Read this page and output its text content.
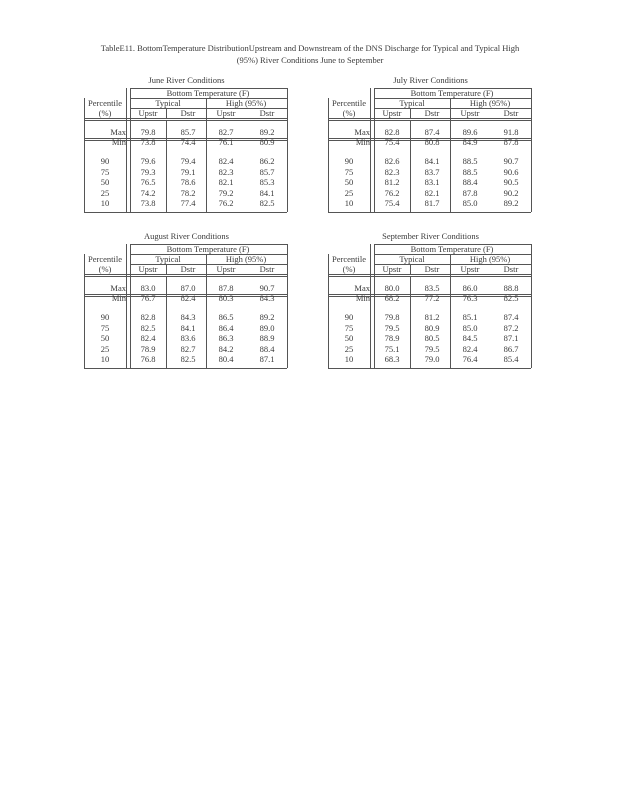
TableE11. BottomTemperature DistributionUpstream and Downstream of the DNS Discharge for Typical and Typical High
(95%) River Conditions June to September
June River Conditions
Bottom Temperature (F)
Percentile
(%)
Typical	High (95%)
Upstr	Dstr	Upstr	Dstr
Max	79.8	85.7	82.7	89.2
Min	73.8	74.4	76.1	80.9
90	79.6	79.4	82.4	86.2
75	79.3	79.1	82.3	85.7
50	76.5	78.6	82.1	85.3
25	74.2	78.2	79.2	84.1
10	73.8	77.4	76.2	82.5
July River Conditions
Bottom Temperature (F)
Percentile
(%)
Typical	High (95%)
Upstr	Dstr	Upstr	Dstr
Max	82.8	87.4	89.6	91.8
Min	75.4	80.8	84.9	87.8
90	82.6	84.1	88.5	90.7
75	82.3	83.7	88.5	90.6
50	81.2	83.1	88.4	90.5
25	76.2	82.1	87.8	90.2
10	75.4	81.7	85.0	89.2
August River Conditions
Bottom Temperature (F)
Percentile
(%)
Typical	High (95%)
Upstr	Dstr	Upstr	Dstr
Max	83.0	87.0	87.8	90.7
Min	76.7	82.4	80.3	84.3
90	82.8	84.3	86.5	89.2
75	82.5	84.1	86.4	89.0
50	82.4	83.6	86.3	88.9
25	78.9	82.7	84.2	88.4
10	76.8	82.5	80.4	87.1
September River Conditions
Bottom Temperature (F)
Percentile
(%)
Typical	High (95%)
Upstr	Dstr	Upstr	Dstr
Max	80.0	83.5	86.0	88.8
Min	68.2	77.2	76.3	82.5
90	79.8	81.2	85.1	87.4
75	79.5	80.9	85.0	87.2
50	78.9	80.5	84.5	87.1
25	75.1	79.5	82.4	86.7
10	68.3	79.0	76.4	85.4
